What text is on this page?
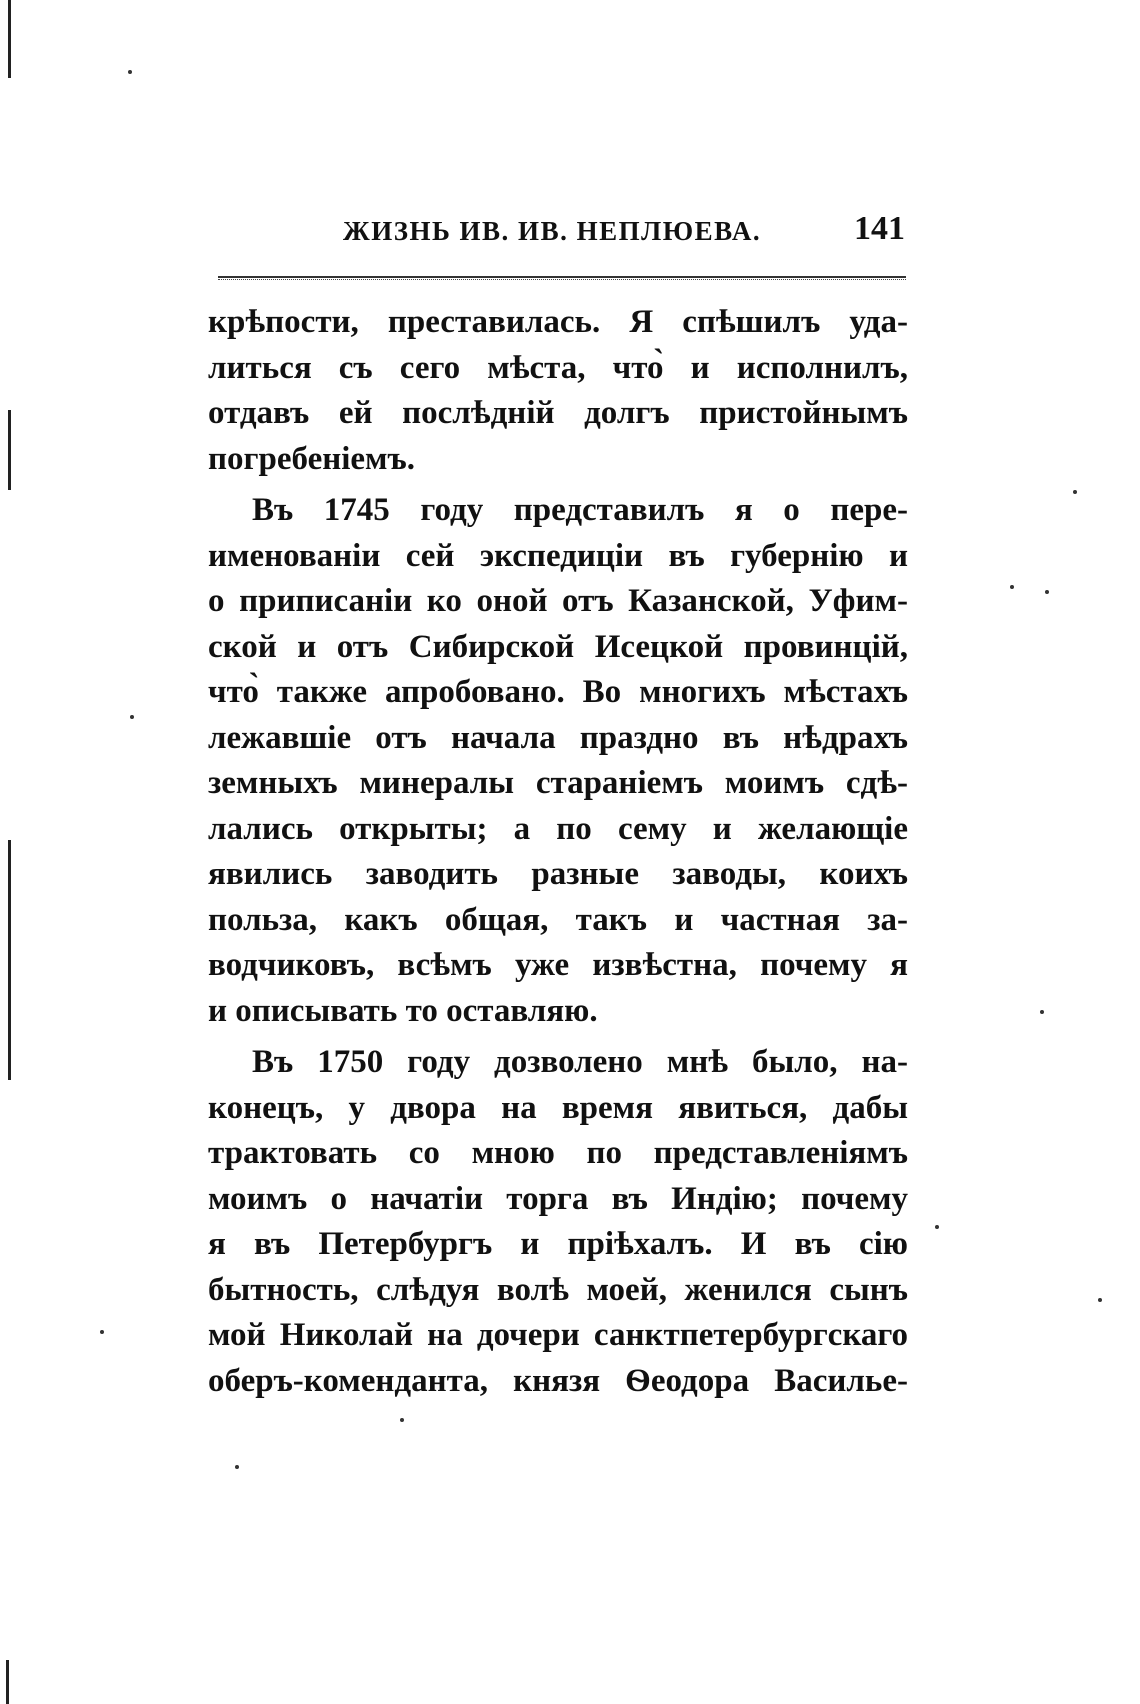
ЖИЗНЬ ИВ. ИВ. НЕПЛЮЕВА.	141
крѣпости, преставилась. Я спѣшилъ уда-
литься съ сего мѣста, что̀ и исполнилъ,
отдавъ ей послѣднiй долгъ пристойнымъ
погребенiемъ.
Въ 1745 году представилъ я о пере-
именованiи сей экспедицiи въ губернiю и
о приписанiи ко оной отъ Казанской, Уфим-
ской и отъ Сибирской Исецкой провинцiй,
что̀ также апробовано. Во многихъ мѣстахъ
лежавшiе отъ начала праздно въ нѣдрахъ
земныхъ минералы старанiемъ моимъ сдѣ-
лались открыты; а по сему и желающiе
явились заводить разные заводы, коихъ
польза, какъ общая, такъ и частная за-
водчиковъ, всѣмъ уже извѣстна, почему я
и описывать то оставляю.
Въ 1750 году дозволено мнѣ было, на-
конецъ, у двора на время явиться, дабы
трактовать со мною по представленiямъ
моимъ о начатiи торга въ Индiю; почему
я въ Петербургъ и прiѣхалъ. И въ сiю
бытность, слѣдуя волѣ моей, женился сынъ
мой Николай на дочери санктпетербургскаго
оберъ-коменданта, князя Ѳеодора Василье-
